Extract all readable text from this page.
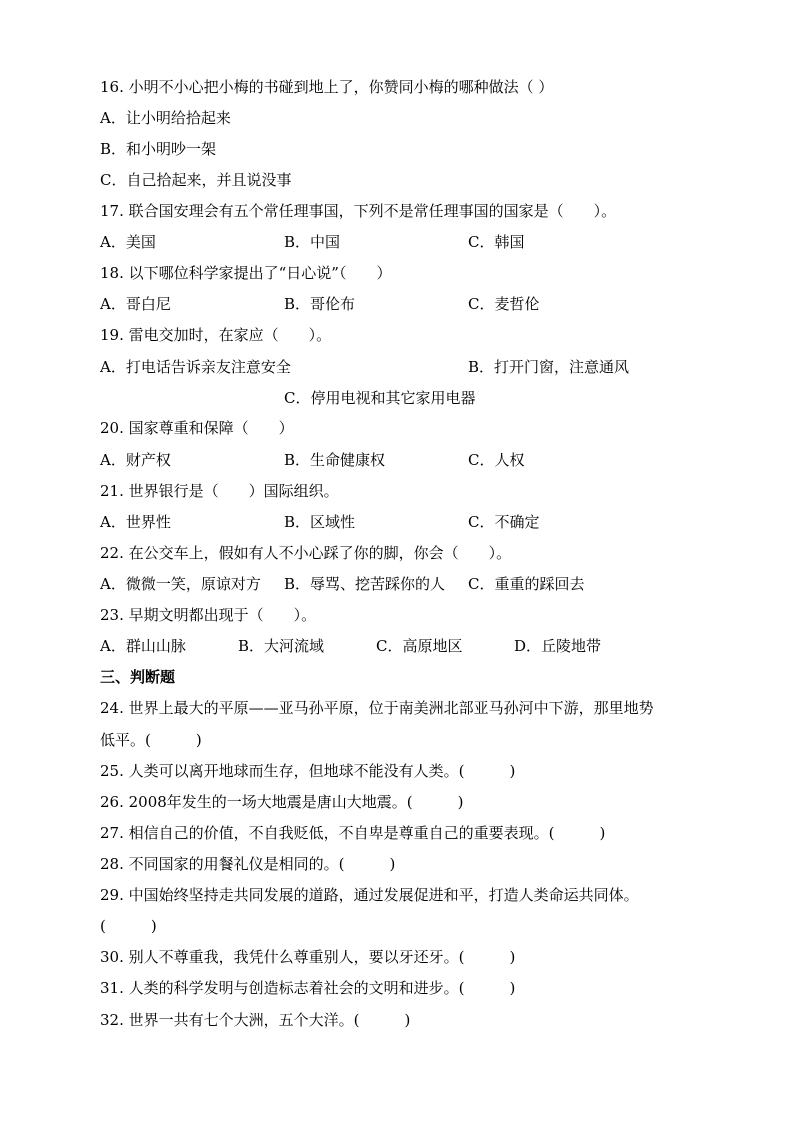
16. 小明不小心把小梅的书碰到地上了，你赞同小梅的哪种做法（ ）
A．让小明给拾起来
B．和小明吵一架
C．自己拾起来，并且说没事
17. 联合国安理会有五个常任理事国，下列不是常任理事国的国家是（　　）。
A．美国	B．中国	C．韩国
18. 以下哪位科学家提出了“日心说”（　　）
A．哥白尼	B．哥伦布	C．麦哲伦
19. 雷电交加时，在家应（　　）。
A．打电话告诉亲友注意安全	B．打开门窗，注意通风
C．停用电视和其它家用电器
20. 国家尊重和保障（　　）
A．财产权	B．生命健康权	C．人权
21. 世界银行是（　　）国际组织。
A．世界性	B．区域性	C．不确定
22. 在公交车上，假如有人不小心踩了你的脚，你会（　　）。
A．微微一笑，原谅对方 B．辱骂、挖苦踩你的人 C．重重的踩回去
23. 早期文明都出现于（　　）。
A．群山山脉	B．大河流域	C．高原地区	D．丘陵地带
三、判断题
24. 世界上最大的平原——亚马孙平原，位于南美洲北部亚马孙河中下游，那里地势
低平。(　　　)
25. 人类可以离开地球而生存，但地球不能没有人类。(　　　)
26. 2008年发生的一场大地震是唐山大地震。(　　　)
27. 相信自己的价值，不自我贬低，不自卑是尊重自己的重要表现。(　　　)
28. 不同国家的用餐礼仪是相同的。(　　　)
29. 中国始终坚持走共同发展的道路，通过发展促进和平，打造人类命运共同体。
(　　　)
30. 别人不尊重我，我凭什么尊重别人，要以牙还牙。(　　　)
31. 人类的科学发明与创造标志着社会的文明和进步。(　　　)
32. 世界一共有七个大洲，五个大洋。(　　　)
